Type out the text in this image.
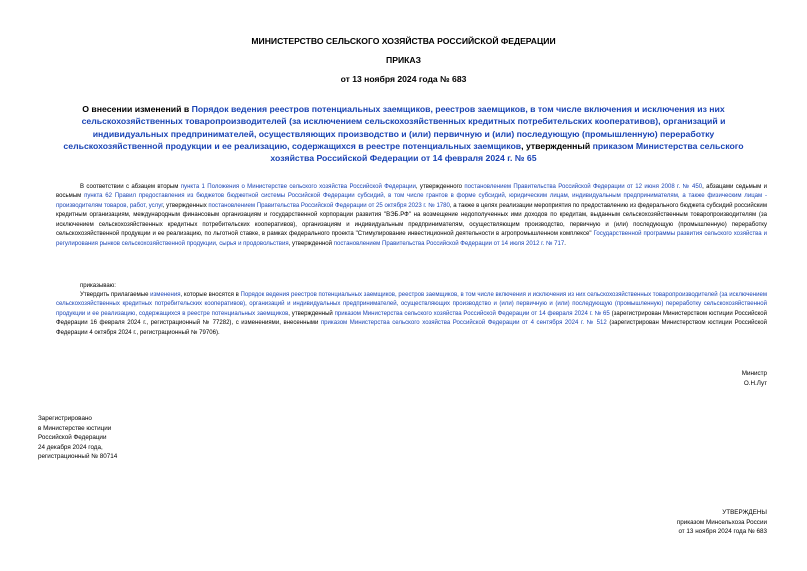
МИНИСТЕРСТВО СЕЛЬСКОГО ХОЗЯЙСТВА РОССИЙСКОЙ ФЕДЕРАЦИИ
ПРИКАЗ
от 13 ноября 2024 года № 683
О внесении изменений в Порядок ведения реестров потенциальных заемщиков, реестров заемщиков, в том числе включения и исключения из них сельскохозяйственных товаропроизводителей (за исключением сельскохозяйственных кредитных потребительских кооперативов), организаций и индивидуальных предпринимателей, осуществляющих производство и (или) первичную и (или) последующую (промышленную) переработку сельскохозяйственной продукции и ее реализацию, содержащихся в реестре потенциальных заемщиков, утвержденный приказом Министерства сельского хозяйства Российской Федерации от 14 февраля 2024 г. № 65

В соответствии с абзацем вторым пункта 1 Положения о Министерстве сельского хозяйства Российской Федерации, утвержденного постановлением Правительства Российской Федерации от 12 июня 2008 г. № 450, абзацами седьмым и восьмым пункта 62 Правил предоставления из бюджетов бюджетной системы Российской Федерации субсидий, в том числе грантов в форме субсидий, юридическим лицам, индивидуальным предпринимателям, а также физическим лицам - производителям товаров, работ, услуг, утвержденных постановлением Правительства Российской Федерации от 25 октября 2023 г. № 1780, а также в целях реализации мероприятия по предоставлению из федерального бюджета субсидий российским кредитным организациям, международным финансовым организациям и государственной корпорации развития "ВЭБ.РФ" на возмещение недополученных ими доходов по кредитам, выданным сельскохозяйственным товаропроизводителям (за исключением сельскохозяйственных кредитных потребительских кооперативов), организациям и индивидуальным предпринимателям, осуществляющим производство, первичную и (или) последующую (промышленную) переработку сельскохозяйственной продукции и ее реализацию, по льготной ставке, в рамках федерального проекта "Стимулирование инвестиционной деятельности в агропромышленном комплексе" Государственной программы развития сельского хозяйства и регулирования рынков сельскохозяйственной продукции, сырья и продовольствия, утвержденной постановлением Правительства Российской Федерации от 14 июля 2012 г. № 717.

приказываю:

Утвердить прилагаемые изменения, которые вносятся в Порядок ведения реестров потенциальных заемщиков, реестров заемщиков, в том числе включения и исключения из них сельскохозяйственных товаропроизводителей (за исключением сельскохозяйственных кредитных потребительских кооперативов), организаций и индивидуальных предпринимателей, осуществляющих производство и (или) первичную и (или) последующую (промышленную) переработку сельскохозяйственной продукции и ее реализацию, содержащихся в реестре потенциальных заемщиков, утвержденный приказом Министерства сельского хозяйства Российской Федерации от 14 февраля 2024 г. № 65 (зарегистрирован Министерством юстиции Российской Федерации 16 февраля 2024 г., регистрационный № 77282), с изменениями, внесенными приказом Министерства сельского хозяйства Российской Федерации от 4 сентября 2024 г. № 512 (зарегистрирован Министерством юстиции Российской Федерации 4 октября 2024 г., регистрационный № 79706).

Министр
О.Н.Лут
Зарегистрировано
в Министерстве юстиции
Российской Федерации
24 декабря 2024 года,
регистрационный № 80714
УТВЕРЖДЕНЫ
приказом Минсельхоза России
от 13 ноября 2024 года № 683
